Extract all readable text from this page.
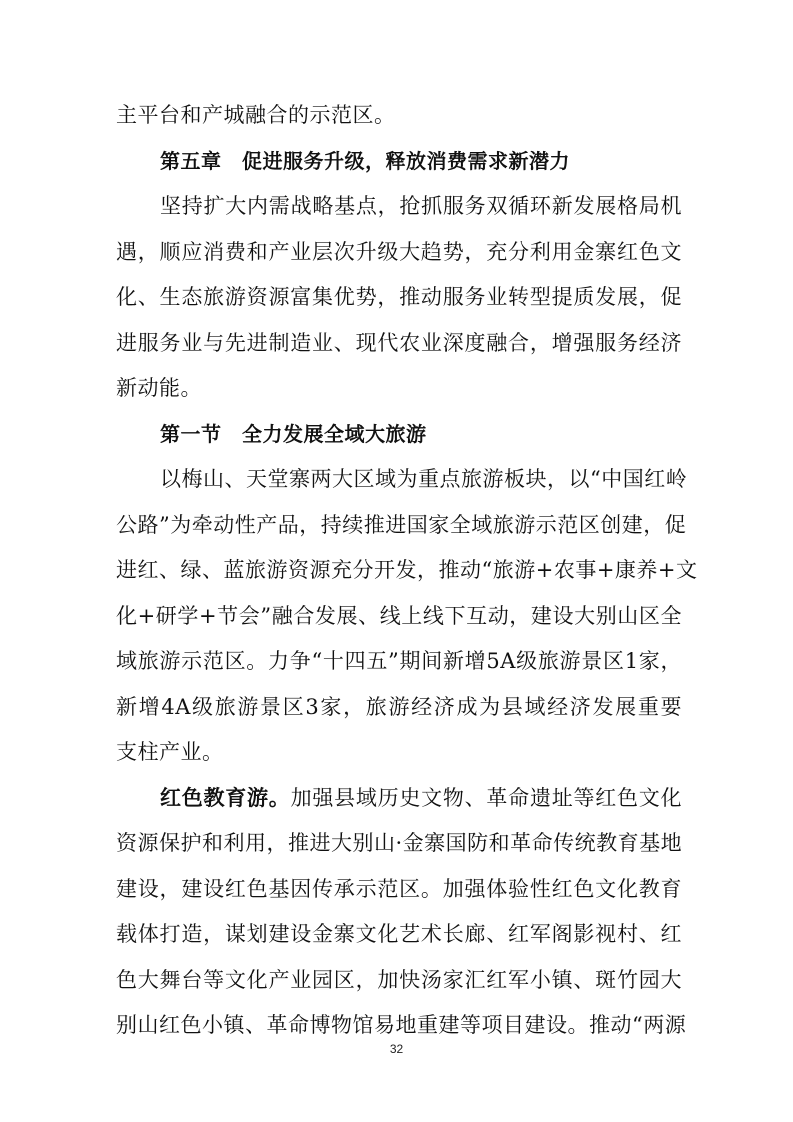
主平台和产城融合的示范区。
第五章　促进服务升级，释放消费需求新潜力
坚持扩大内需战略基点，抢抓服务双循环新发展格局机
遇，顺应消费和产业层次升级大趋势，充分利用金寨红色文
化、生态旅游资源富集优势，推动服务业转型提质发展，促
进服务业与先进制造业、现代农业深度融合，增强服务经济
新动能。
第一节　全力发展全域大旅游
以梅山、天堂寨两大区域为重点旅游板块，以“中国红岭
公路”为牵动性产品，持续推进国家全域旅游示范区创建，促
进红、绿、蓝旅游资源充分开发，推动“旅游+农事+康养+文
化+研学+节会”融合发展、线上线下互动，建设大别山区全
域旅游示范区。力争“十四五”期间新增5A级旅游景区1家，
新增4A级旅游景区3家，旅游经济成为县域经济发展重要
支柱产业。
红色教育游。加强县域历史文物、革命遗址等红色文化
资源保护和利用，推进大别山·金寨国防和革命传统教育基地
建设，建设红色基因传承示范区。加强体验性红色文化教育
载体打造，谋划建设金寨文化艺术长廊、红军阁影视村、红
色大舞台等文化产业园区，加快汤家汇红军小镇、斑竹园大
别山红色小镇、革命博物馆易地重建等项目建设。推动“两源
32
